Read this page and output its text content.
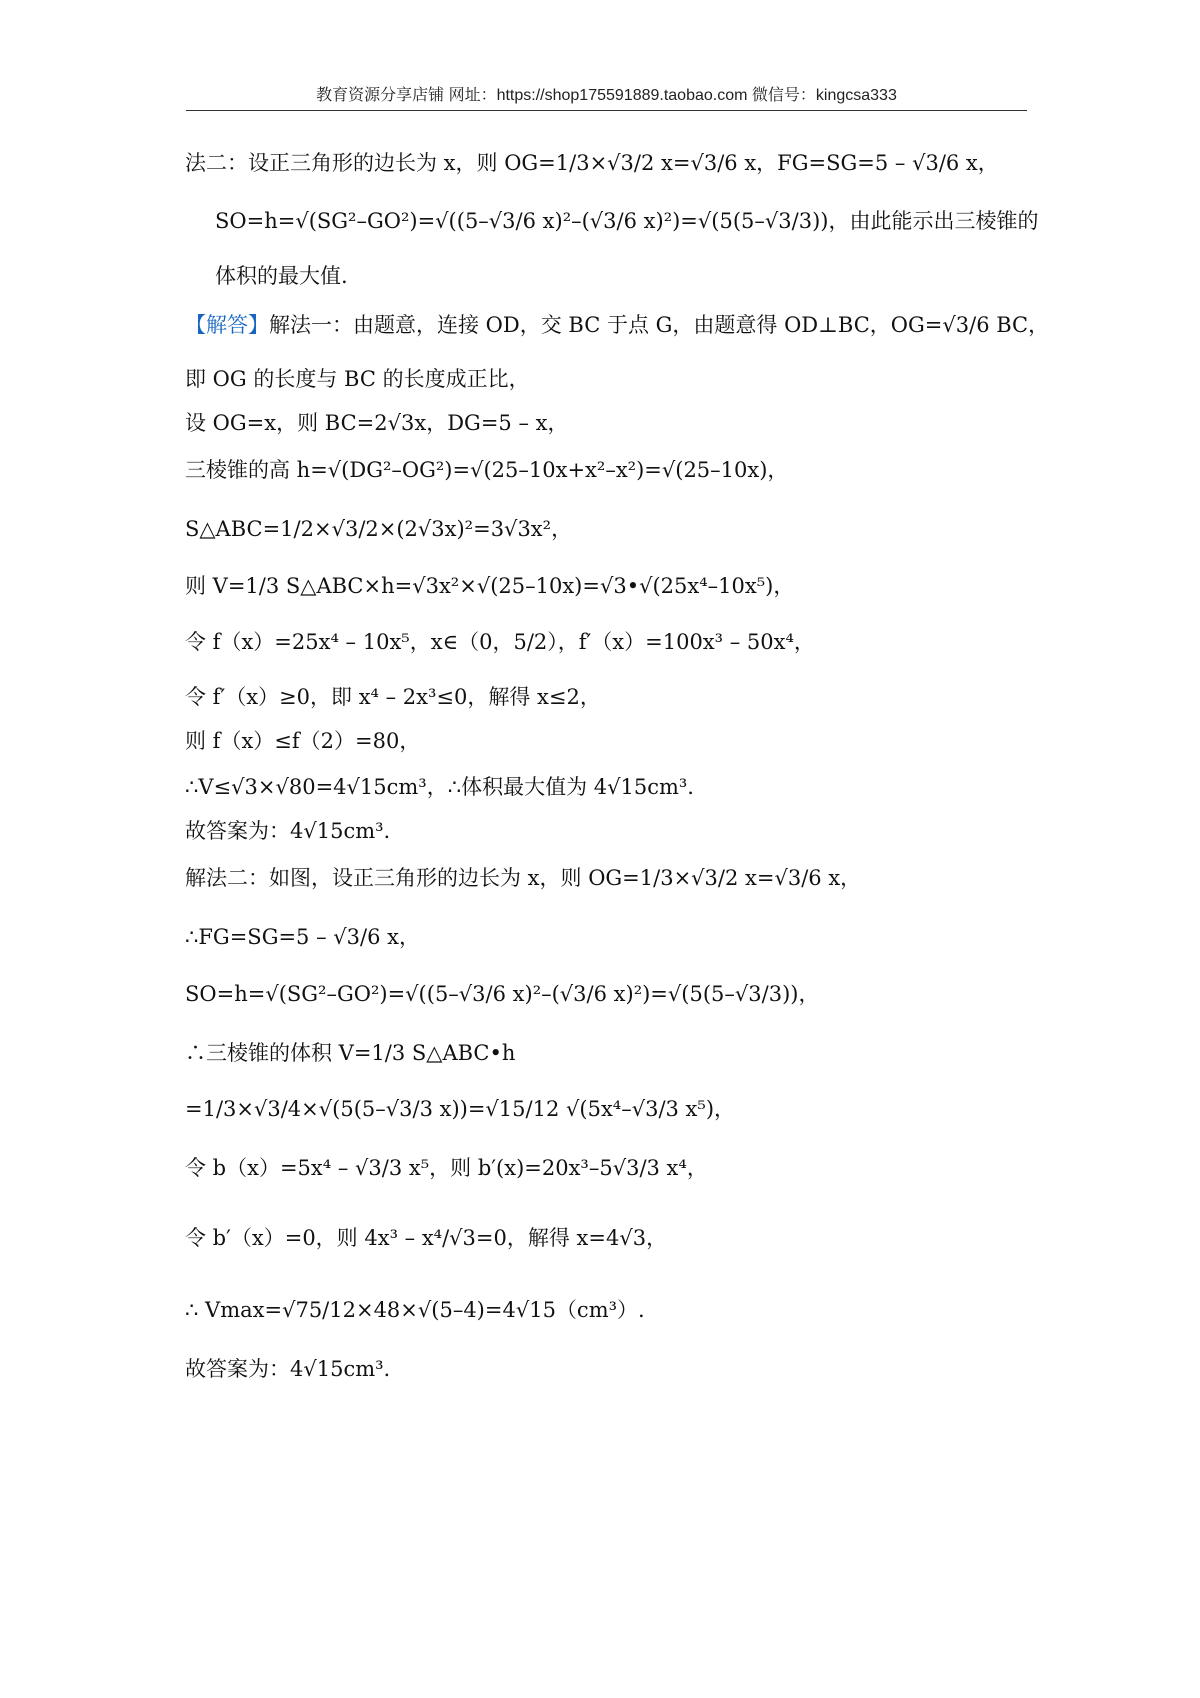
教育资源分享店铺 网址：https://shop175591889.taobao.com 微信号：kingcsa333
法二：设正三角形的边长为 x，则 OG=1/3×√3/2 x=√3/6 x，FG=SG=5 – √3/6 x，
SO=h=√(SG²–GO²)=√((5–√3/6 x)²–(√3/6 x)²)=√(5(5–√3/3))，由此能示出三棱锥的
体积的最大值.
【解答】解法一：由题意，连接 OD，交 BC 于点 G，由题意得 OD⊥BC，OG=√3/6 BC，
即 OG 的长度与 BC 的长度成正比，
设 OG=x，则 BC=2√3x，DG=5 – x，
三棱锥的高 h=√(DG²–OG²)=√(25–10x+x²–x²)=√(25–10x)，
S△ABC=1/2×√3/2×(2√3x)²=3√3x²，
则 V=1/3 S△ABC×h=√3x²×√(25–10x)=√3•√(25x⁴–10x⁵)，
令 f（x）=25x⁴ – 10x⁵，x∈（0，5/2），f′（x）=100x³ – 50x⁴，
令 f′（x）≥0，即 x⁴ – 2x³≤0，解得 x≤2，
则 f（x）≤f（2）=80，
∴V≤√3×√80=4√15cm³，∴体积最大值为 4√15cm³.
故答案为：4√15cm³.
解法二：如图，设正三角形的边长为 x，则 OG=1/3×√3/2 x=√3/6 x，
∴FG=SG=5 – √3/6 x，
SO=h=√(SG²–GO²)=√((5–√3/6 x)²–(√3/6 x)²)=√(5(5–√3/3))，
∴三棱锥的体积 V=1/3 S△ABC•h
=1/3×√3/4×√(5(5–√3/3 x))=√15/12 √(5x⁴–√3/3 x⁵)，
令 b（x）=5x⁴ – √3/3 x⁵，则 b′(x)=20x³–5√3/3 x⁴，
令 b′（x）=0，则 4x³ – x⁴/√3=0，解得 x=4√3，
∴ Vmax=√75/12×48×√(5–4)=4√15（cm³）.
故答案为：4√15cm³.
